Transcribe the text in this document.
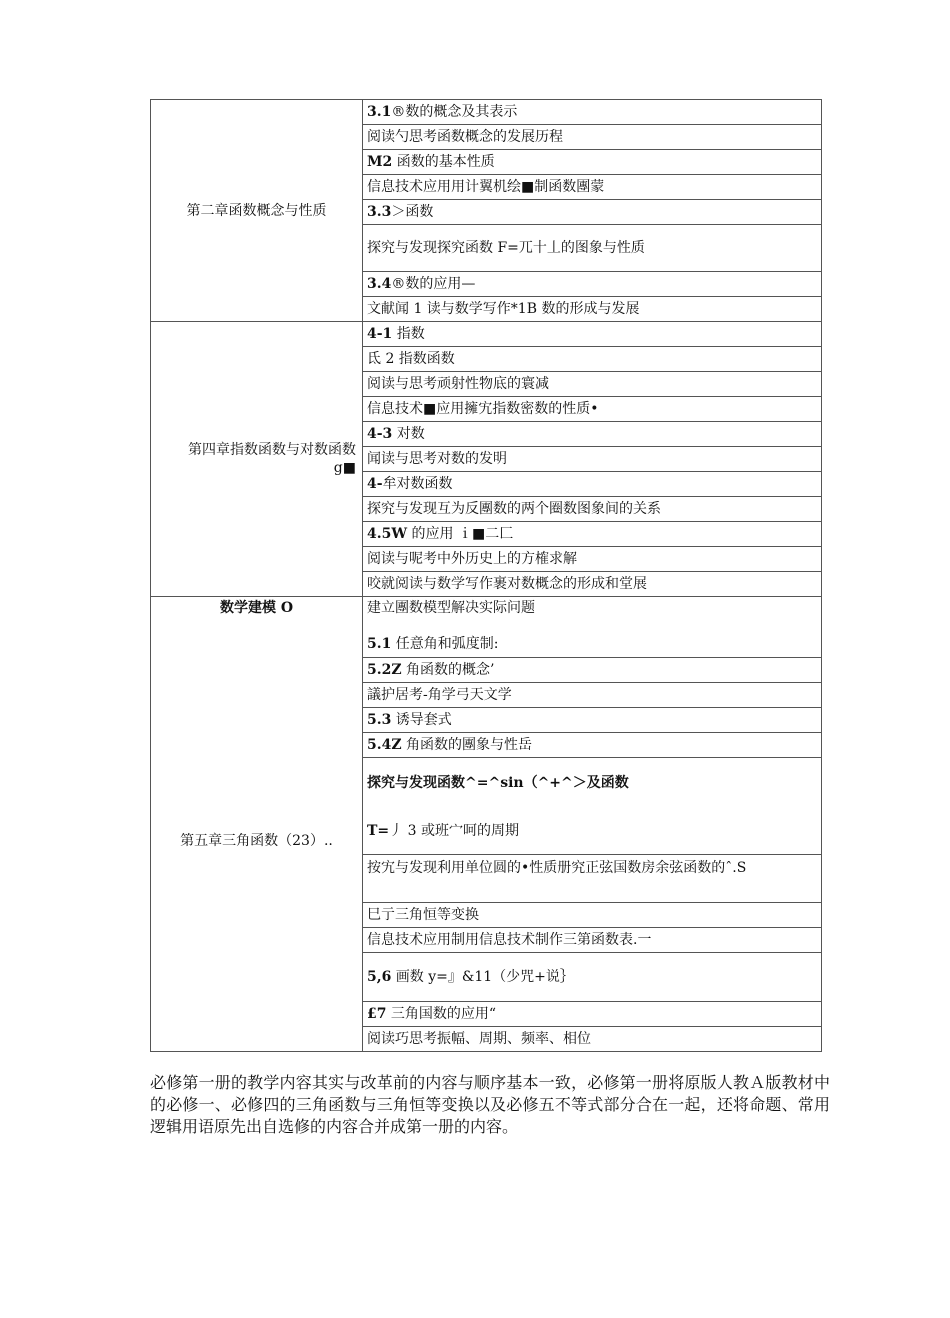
第二章函数概念与性质	3.1®数的概念及其表示
	阅读勺思考函数概念的发展历程
	M2 函数的基本性质
	信息技术应用用计翼机绘■制函数團蒙
	3.3＞函数
	探究与发现探究函数 F=兀十丄的图象与性质
	3.4®数的应用—
	文献闻 1 读与数学写作*1B 数的形成与发展

第四章指数函数与对数函数
g■	4-1 指数
	氐 2 指数函数
	阅读与思考顽射性物底的寰减
	信息技术■应用擁宄指数密数的性质•
	4-3 对数
	闻读与思考对数的发明
	4-牟对数函数
	探究与发现互为反團数的两个圈数图象间的关系
	4.5W 的应用 ｉ■二匚
	阅读与呢考中外历史上的方榷求解
	咬就阅读与数学写作裹对数概念的形成和堂展
数学建模 O	建立團数模型解决实际问题
第五章三角函数（23）..	5.1 任意角和弧度制:
	5.2Z 角函数的概念’
	議护居考-角学弓天文学
	5.3 诱导套式
	5.4Z 角函数的團象与性岳
	探究与发现函数^=^sin（^+^＞及函数
	T=丿 3 或班宀呵的周期
	按宄与发现利用单位圆的•性质册究正弦国数房余弦函数的ˆ.S
	巳亍三角恒等变换
	信息技术应用制用信息技术制作三第函数表.一
	5,6 画数 y=』&11（少咒+说｝
	£7 三角国数的应用“
	阅读巧思考振幅、周期、频率、相位

必修第一册的教学内容其实与改革前的内容与顺序基本一致，必修第一册将原版人教Ａ版教材中的必修一、必修四的三角函数与三角恒等变换以及必修五不等式部分合在一起，还将命题、常用逻辑用语原先出自选修的内容合并成第一册的内容。
